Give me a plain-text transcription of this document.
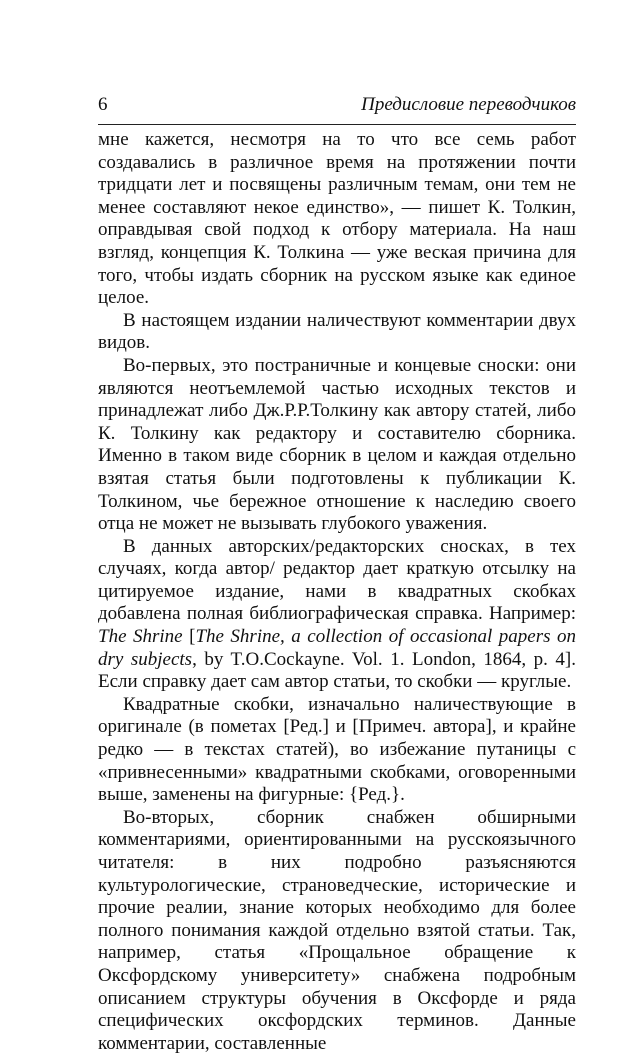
6	Предисловие переводчиков

мне кажется, несмотря на то что все семь работ создавались в различное время на протяжении почти тридцати лет и посвящены различным темам, они тем не менее составляют некое единство», — пишет К. Толкин, оправдывая свой подход к отбору материала. На наш взгляд, концепция К. Толкина — уже веская причина для того, чтобы издать сборник на русском языке как единое целое.

В настоящем издании наличествуют комментарии двух видов.

Во-первых, это постраничные и концевые сноски: они являются неотъемлемой частью исходных текстов и принадлежат либо Дж.Р.Р.Толкину как автору статей, либо К. Толкину как редактору и составителю сборника. Именно в таком виде сборник в целом и каждая отдельно взятая статья были подготовлены к публикации К. Толкином, чье бережное отношение к наследию своего отца не может не вызывать глубокого уважения.

В данных авторских/редакторских сносках, в тех случаях, когда автор/ редактор дает краткую отсылку на цитируемое издание, нами в квадратных скобках добавлена полная библиографическая справка. Например: The Shrine [The Shrine, a collection of occasional papers on dry subjects, by T.O.Cockayne. Vol. 1. London, 1864, p. 4]. Если справку дает сам автор статьи, то скобки — круглые.

Квадратные скобки, изначально наличествующие в оригинале (в пометах [Ред.] и [Примеч. автора], и крайне редко — в текстах статей), во избежание путаницы с «привнесенными» квадратными скобками, оговоренными выше, заменены на фигурные: {Ред.}.

Во-вторых, сборник снабжен обширными комментариями, ориентированными на русскоязычного читателя: в них подробно разъясняются культурологические, страноведческие, исторические и прочие реалии, знание которых необходимо для более полного понимания каждой отдельно взятой статьи. Так, например, статья «Прощальное обращение к Оксфордскому университету» снабжена подробным описанием структуры обучения в Оксфорде и ряда специфических оксфордских терминов. Данные комментарии, составленные
